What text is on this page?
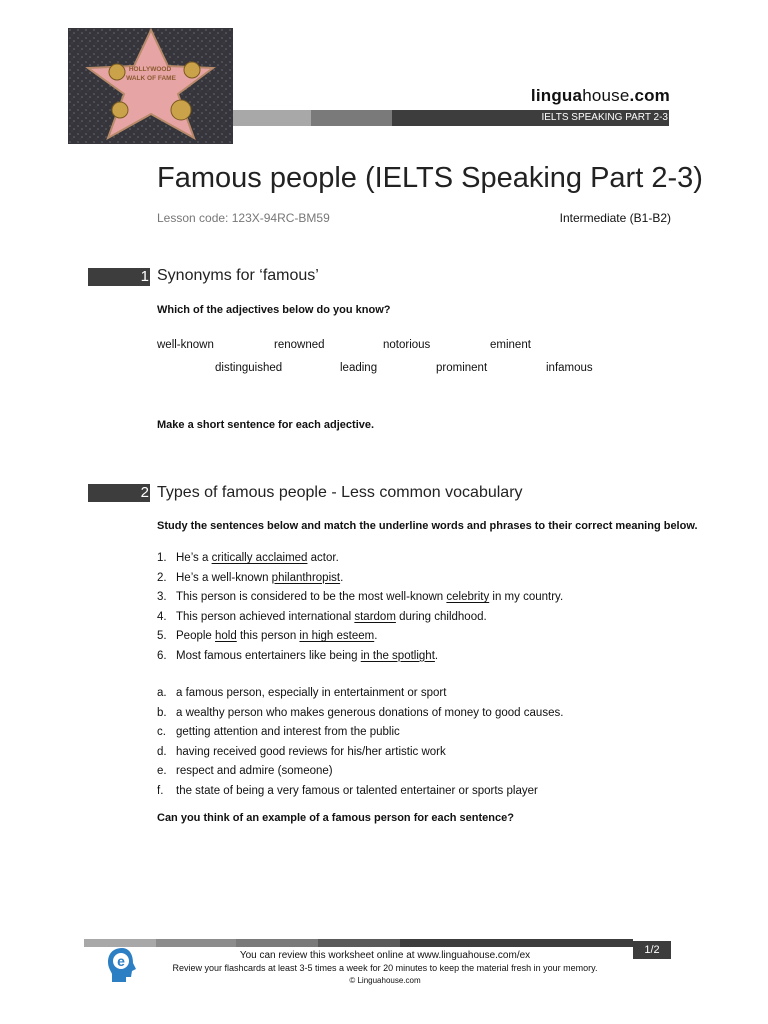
HOLLYWOOD
WALK OF FAME
linguahouse.com
IELTS SPEAKING PART 2-3
Famous people (IELTS Speaking Part 2-3)
Lesson code: 123X-94RC-BM59	Intermediate (B1-B2)
1 Synonyms for ‘famous’
Which of the adjectives below do you know?
well-known	renowned	notorious	eminent
distinguished	leading	prominent	infamous
Make a short sentence for each adjective.
2 Types of famous people - Less common vocabulary
Study the sentences below and match the underline words and phrases to their correct meaning below.
1. He’s a critically acclaimed actor.
2. He’s a well-known philanthropist.
3. This person is considered to be the most well-known celebrity in my country.
4. This person achieved international stardom during childhood.
5. People hold this person in high esteem.
6. Most famous entertainers like being in the spotlight.
a. a famous person, especially in entertainment or sport
b. a wealthy person who makes generous donations of money to good causes.
c. getting attention and interest from the public
d. having received good reviews for his/her artistic work
e. respect and admire (someone)
f. the state of being a very famous or talented entertainer or sports player
Can you think of an example of a famous person for each sentence?
1/2
e	You can review this worksheet online at www.linguahouse.com/ex
Review your flashcards at least 3-5 times a week for 20 minutes to keep the material fresh in your memory.
© Linguahouse.com
